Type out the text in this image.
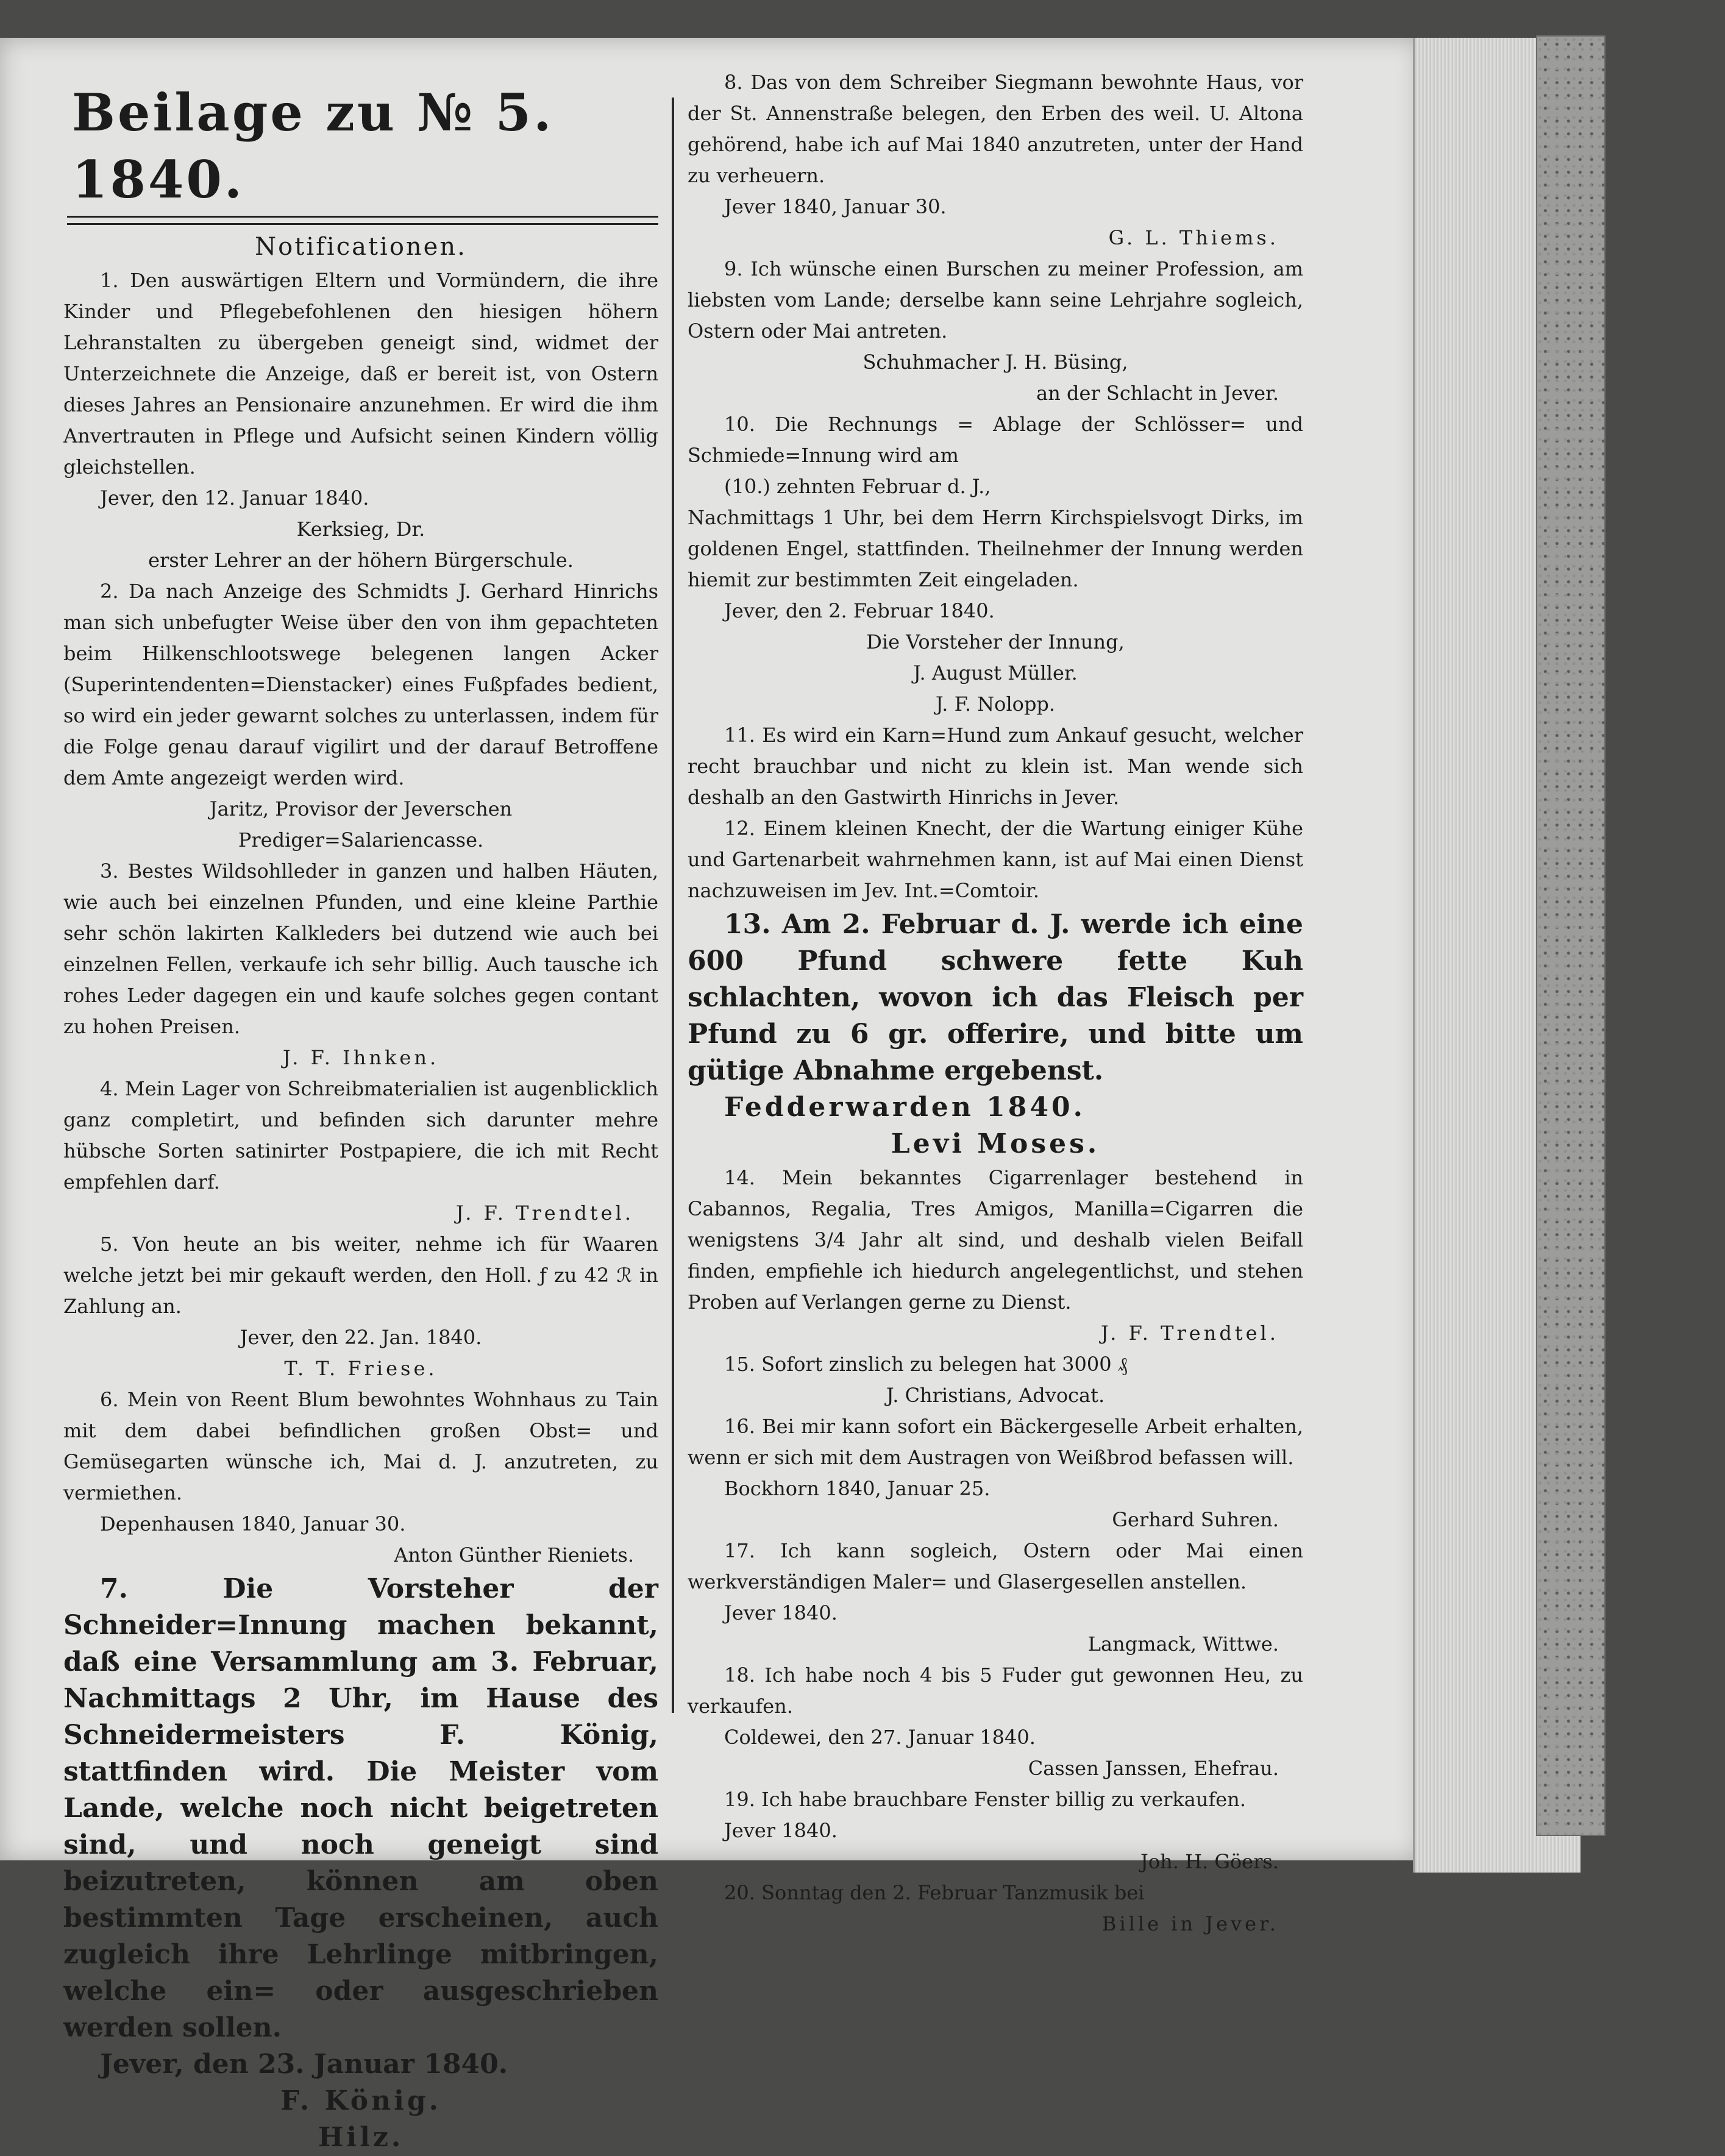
Beilage zu № 5. 1840.
Notificationen.

1. Den auswärtigen Eltern und Vormündern, die ihre Kinder und Pflegebefohlenen den hiesigen höhern Lehranstalten zu übergeben geneigt sind, widmet der Unterzeichnete die Anzeige, daß er bereit ist, von Ostern dieses Jahres an Pensionaire anzunehmen. Er wird die ihm Anvertrauten in Pflege und Aufsicht seinen Kindern völlig gleichstellen.

Jever, den 12. Januar 1840.

Kerksieg, Dr.

erster Lehrer an der höhern Bürgerschule.

2. Da nach Anzeige des Schmidts J. Gerhard Hinrichs man sich unbefugter Weise über den von ihm gepachteten beim Hilkenschlootswege belegenen langen Acker (Superintendenten=Dienstacker) eines Fußpfades bedient, so wird ein jeder gewarnt solches zu unterlassen, indem für die Folge genau darauf vigilirt und der darauf Betroffene dem Amte angezeigt werden wird.

Jaritz, Provisor der Jeverschen

Prediger=Salariencasse.

3. Bestes Wildsohlleder in ganzen und halben Häuten, wie auch bei einzelnen Pfunden, und eine kleine Parthie sehr schön lakirten Kalkleders bei dutzend wie auch bei einzelnen Fellen, verkaufe ich sehr billig. Auch tausche ich rohes Leder dagegen ein und kaufe solches gegen contant zu hohen Preisen.

J. F. Ihnken.

4. Mein Lager von Schreibmaterialien ist augenblicklich ganz completirt, und befinden sich darunter mehre hübsche Sorten satinirter Postpapiere, die ich mit Recht empfehlen darf.

J. F. Trendtel.

5. Von heute an bis weiter, nehme ich für Waaren welche jetzt bei mir gekauft werden, den Holl. ƒ zu 42 ℛ in Zahlung an.

Jever, den 22. Jan. 1840.

T. T. Friese.

6. Mein von Reent Blum bewohntes Wohnhaus zu Tain mit dem dabei befindlichen großen Obst= und Gemüsegarten wünsche ich, Mai d. J. anzutreten, zu vermiethen.

Depenhausen 1840, Januar 30.

Anton Günther Rieniets.

7. Die Vorsteher der Schneider=Innung machen bekannt, daß eine Versammlung am 3. Februar, Nachmittags 2 Uhr, im Hause des Schneidermeisters F. König, stattfinden wird. Die Meister vom Lande, welche noch nicht beigetreten sind, und noch geneigt sind beizutreten, können am oben bestimmten Tage erscheinen, auch zugleich ihre Lehrlinge mitbringen, welche ein= oder ausgeschrieben werden sollen.

Jever, den 23. Januar 1840.

F. König.

Hilz.

8. Das von dem Schreiber Siegmann bewohnte Haus, vor der St. Annenstraße belegen, den Erben des weil. U. Altona gehörend, habe ich auf Mai 1840 anzutreten, unter der Hand zu verheuern.

Jever 1840, Januar 30.

G. L. Thiems.

9. Ich wünsche einen Burschen zu meiner Profession, am liebsten vom Lande; derselbe kann seine Lehrjahre sogleich, Ostern oder Mai antreten.

Schuhmacher J. H. Büsing,

an der Schlacht in Jever.

10. Die Rechnungs = Ablage der Schlösser= und Schmiede=Innung wird am

(10.) zehnten Februar d. J.,

Nachmittags 1 Uhr, bei dem Herrn Kirchspielsvogt Dirks, im goldenen Engel, stattfinden. Theilnehmer der Innung werden hiemit zur bestimmten Zeit eingeladen.

Jever, den 2. Februar 1840.

Die Vorsteher der Innung,

J. August Müller.

J. F. Nolopp.

11. Es wird ein Karn=Hund zum Ankauf gesucht, welcher recht brauchbar und nicht zu klein ist. Man wende sich deshalb an den Gastwirth Hinrichs in Jever.

12. Einem kleinen Knecht, der die Wartung einiger Kühe und Gartenarbeit wahrnehmen kann, ist auf Mai einen Dienst nachzuweisen im Jev. Int.=Comtoir.

13. Am 2. Februar d. J. werde ich eine 600 Pfund schwere fette Kuh schlachten, wovon ich das Fleisch per Pfund zu 6 gr. offerire, und bitte um gütige Abnahme ergebenst.

Fedderwarden 1840.

Levi Moses.

14. Mein bekanntes Cigarrenlager bestehend in Cabannos, Regalia, Tres Amigos, Manilla=Cigarren die wenigstens 3/4 Jahr alt sind, und deshalb vielen Beifall finden, empfiehle ich hiedurch angelegentlichst, und stehen Proben auf Verlangen gerne zu Dienst.

J. F. Trendtel.

15. Sofort zinslich zu belegen hat 3000 ₰

J. Christians, Advocat.

16. Bei mir kann sofort ein Bäckergeselle Arbeit erhalten, wenn er sich mit dem Austragen von Weißbrod befassen will.

Bockhorn 1840, Januar 25.

Gerhard Suhren.

17. Ich kann sogleich, Ostern oder Mai einen werkverständigen Maler= und Glasergesellen anstellen.

Jever 1840.

Langmack, Wittwe.

18. Ich habe noch 4 bis 5 Fuder gut gewonnen Heu, zu verkaufen.

Coldewei, den 27. Januar 1840.

Cassen Janssen, Ehefrau.

19. Ich habe brauchbare Fenster billig zu verkaufen.

Jever 1840.

Joh. H. Göers.

20. Sonntag den 2. Februar Tanzmusik bei

Bille in Jever.
